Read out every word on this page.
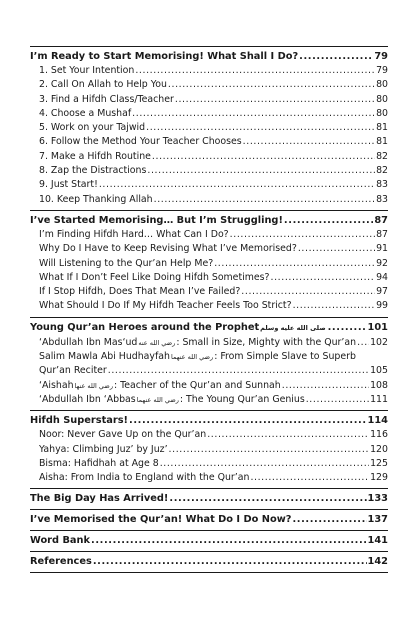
I’m Ready to Start Memorising! What Shall I Do? .....	79
1. Set Your Intention .....	79
2. Call On Allah to Help You .....	80
3. Find a Hifdh Class/Teacher .....	80
4. Choose a Mushaf .....	80
5. Work on your Tajwid .....	81
6. Follow the Method Your Teacher Chooses .....	81
7. Make a Hifdh Routine .....	82
8. Zap the Distractions .....	82
9. Just Start! .....	83
10. Keep Thanking Allah .....	83
I’ve Started Memorising… But I’m Struggling! .....	87
I’m Finding Hifdh Hard… What Can I Do? .....	87
Why Do I Have to Keep Revising What I’ve Memorised? .....	91
Will Listening to the Qur’an Help Me? .....	92
What If I Don’t Feel Like Doing Hifdh Sometimes? .....	94
If I Stop Hifdh, Does That Mean I’ve Failed? .....	97
What Should I Do If My Hifdh Teacher Feels Too Strict? .....	99
Young Qur’an Heroes around the Prophet صلى الله عليه وسلم .....	101
‘Abdullah Ibn Mas‘ud رضي الله عنه : Small in Size, Mighty with the Qur’an ..... 102
Salim Mawla Abi Hudhayfah رضي الله عنهما : From Simple Slave to Superb
Qur’an Reciter .....	105
‘Aishah رضي الله عنها : Teacher of the Qur’an and Sunnah .....	108
‘Abdullah Ibn ‘Abbas رضي الله عنهما : The Young Qur’an Genius .....	111
Hifdh Superstars! .....	114
Noor: Never Gave Up on the Qur’an .....	116
Yahya: Climbing Juz’ by Juz’ .....	120
Bisma: Hafidhah at Age 8 .....	125
Aisha: From India to England with the Qur’an .....	129
The Big Day Has Arrived! .....	133
I’ve Memorised the Qur’an! What Do I Do Now? .....	137
Word Bank .....	141
References .....	142
